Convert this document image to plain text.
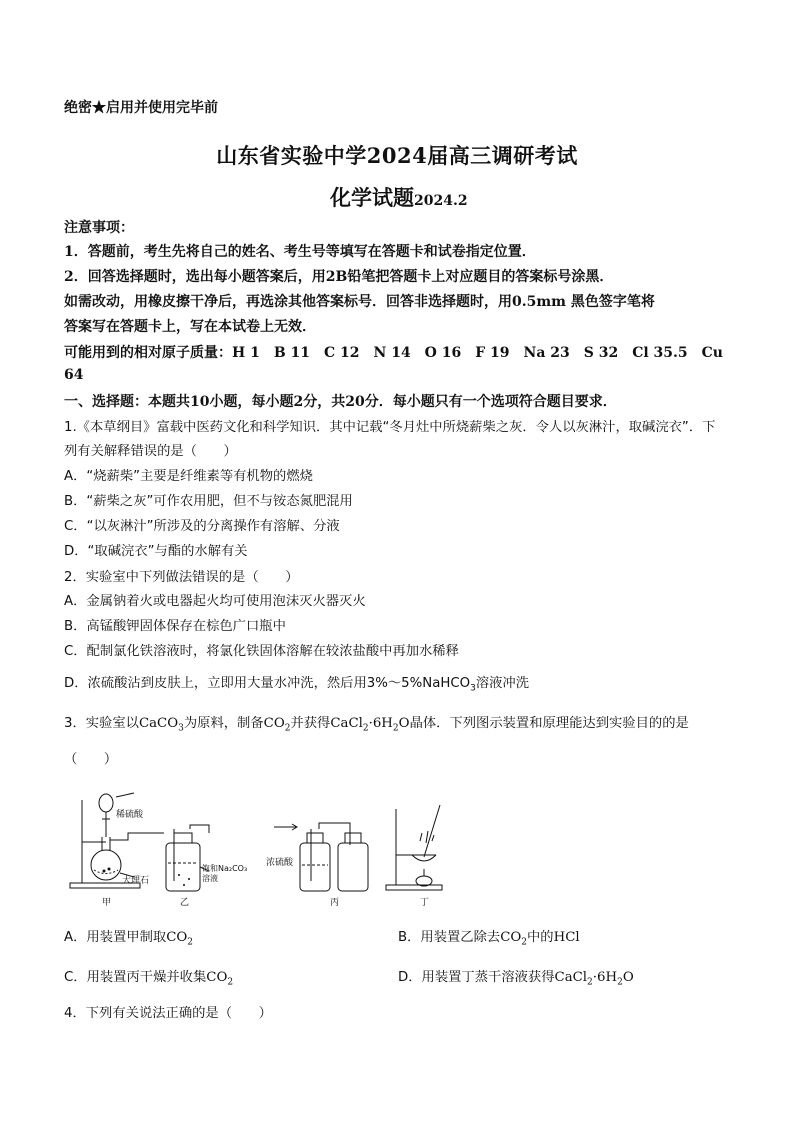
绝密★启用并使用完毕前
山东省实验中学2024届高三调研考试
化学试题2024.2
注意事项：
1．答题前，考生先将自己的姓名、考生号等填写在答题卡和试卷指定位置．
2．回答选择题时，选出每小题答案后，用2B铅笔把答题卡上对应题目的答案标号涂黑．
如需改动，用橡皮擦干净后，再选涂其他答案标号．回答非选择题时，用0.5mm 黑色签字笔将
答案写在答题卡上，写在本试卷上无效．
可能用到的相对原子质量：H 1　B 11　C 12　N 14　O 16　F 19　Na 23　S 32　Cl 35.5　Cu
64
一、选择题：本题共10小题，每小题2分，共20分．每小题只有一个选项符合题目要求．
1.《本草纲目》富载中医药文化和科学知识．其中记载“冬月灶中所烧薪柴之灰．令人以灰淋汁，取碱浣衣”．下
列有关解释错误的是（　　）
A．“烧薪柴”主要是纤维素等有机物的燃烧
B．“薪柴之灰”可作农用肥，但不与铵态氮肥混用
C．“以灰淋汁”所涉及的分离操作有溶解、分液
D．“取碱浣衣”与酯的水解有关
2．实验室中下列做法错误的是（　　）
A．金属钠着火或电器起火均可使用泡沫灭火器灭火
B．高锰酸钾固体保存在棕色广口瓶中
C．配制氯化铁溶液时，将氯化铁固体溶解在较浓盐酸中再加水稀释
D．浓硫酸沾到皮肤上，立即用大量水冲洗，然后用3%～5%NaHCO$_3$溶液冲洗
3．实验室以CaCO$_3$为原料，制备$CO_2$并获得$CaCl_2\cdot 6H_2O$晶体．下列图示装置和原理能达到实验目的的是
（　　）
稀硫酸
大理石
饱和Na₂CO₃
溶液
浓硫酸
甲	乙	丙	丁
A．用装置甲制取$CO_2$	B．用装置乙除去$CO_2$中的HCl
C．用装置丙干燥并收集$CO_2$	D．用装置丁蒸干溶液获得$CaCl_2\cdot 6H_2O$
4．下列有关说法正确的是（　　）
